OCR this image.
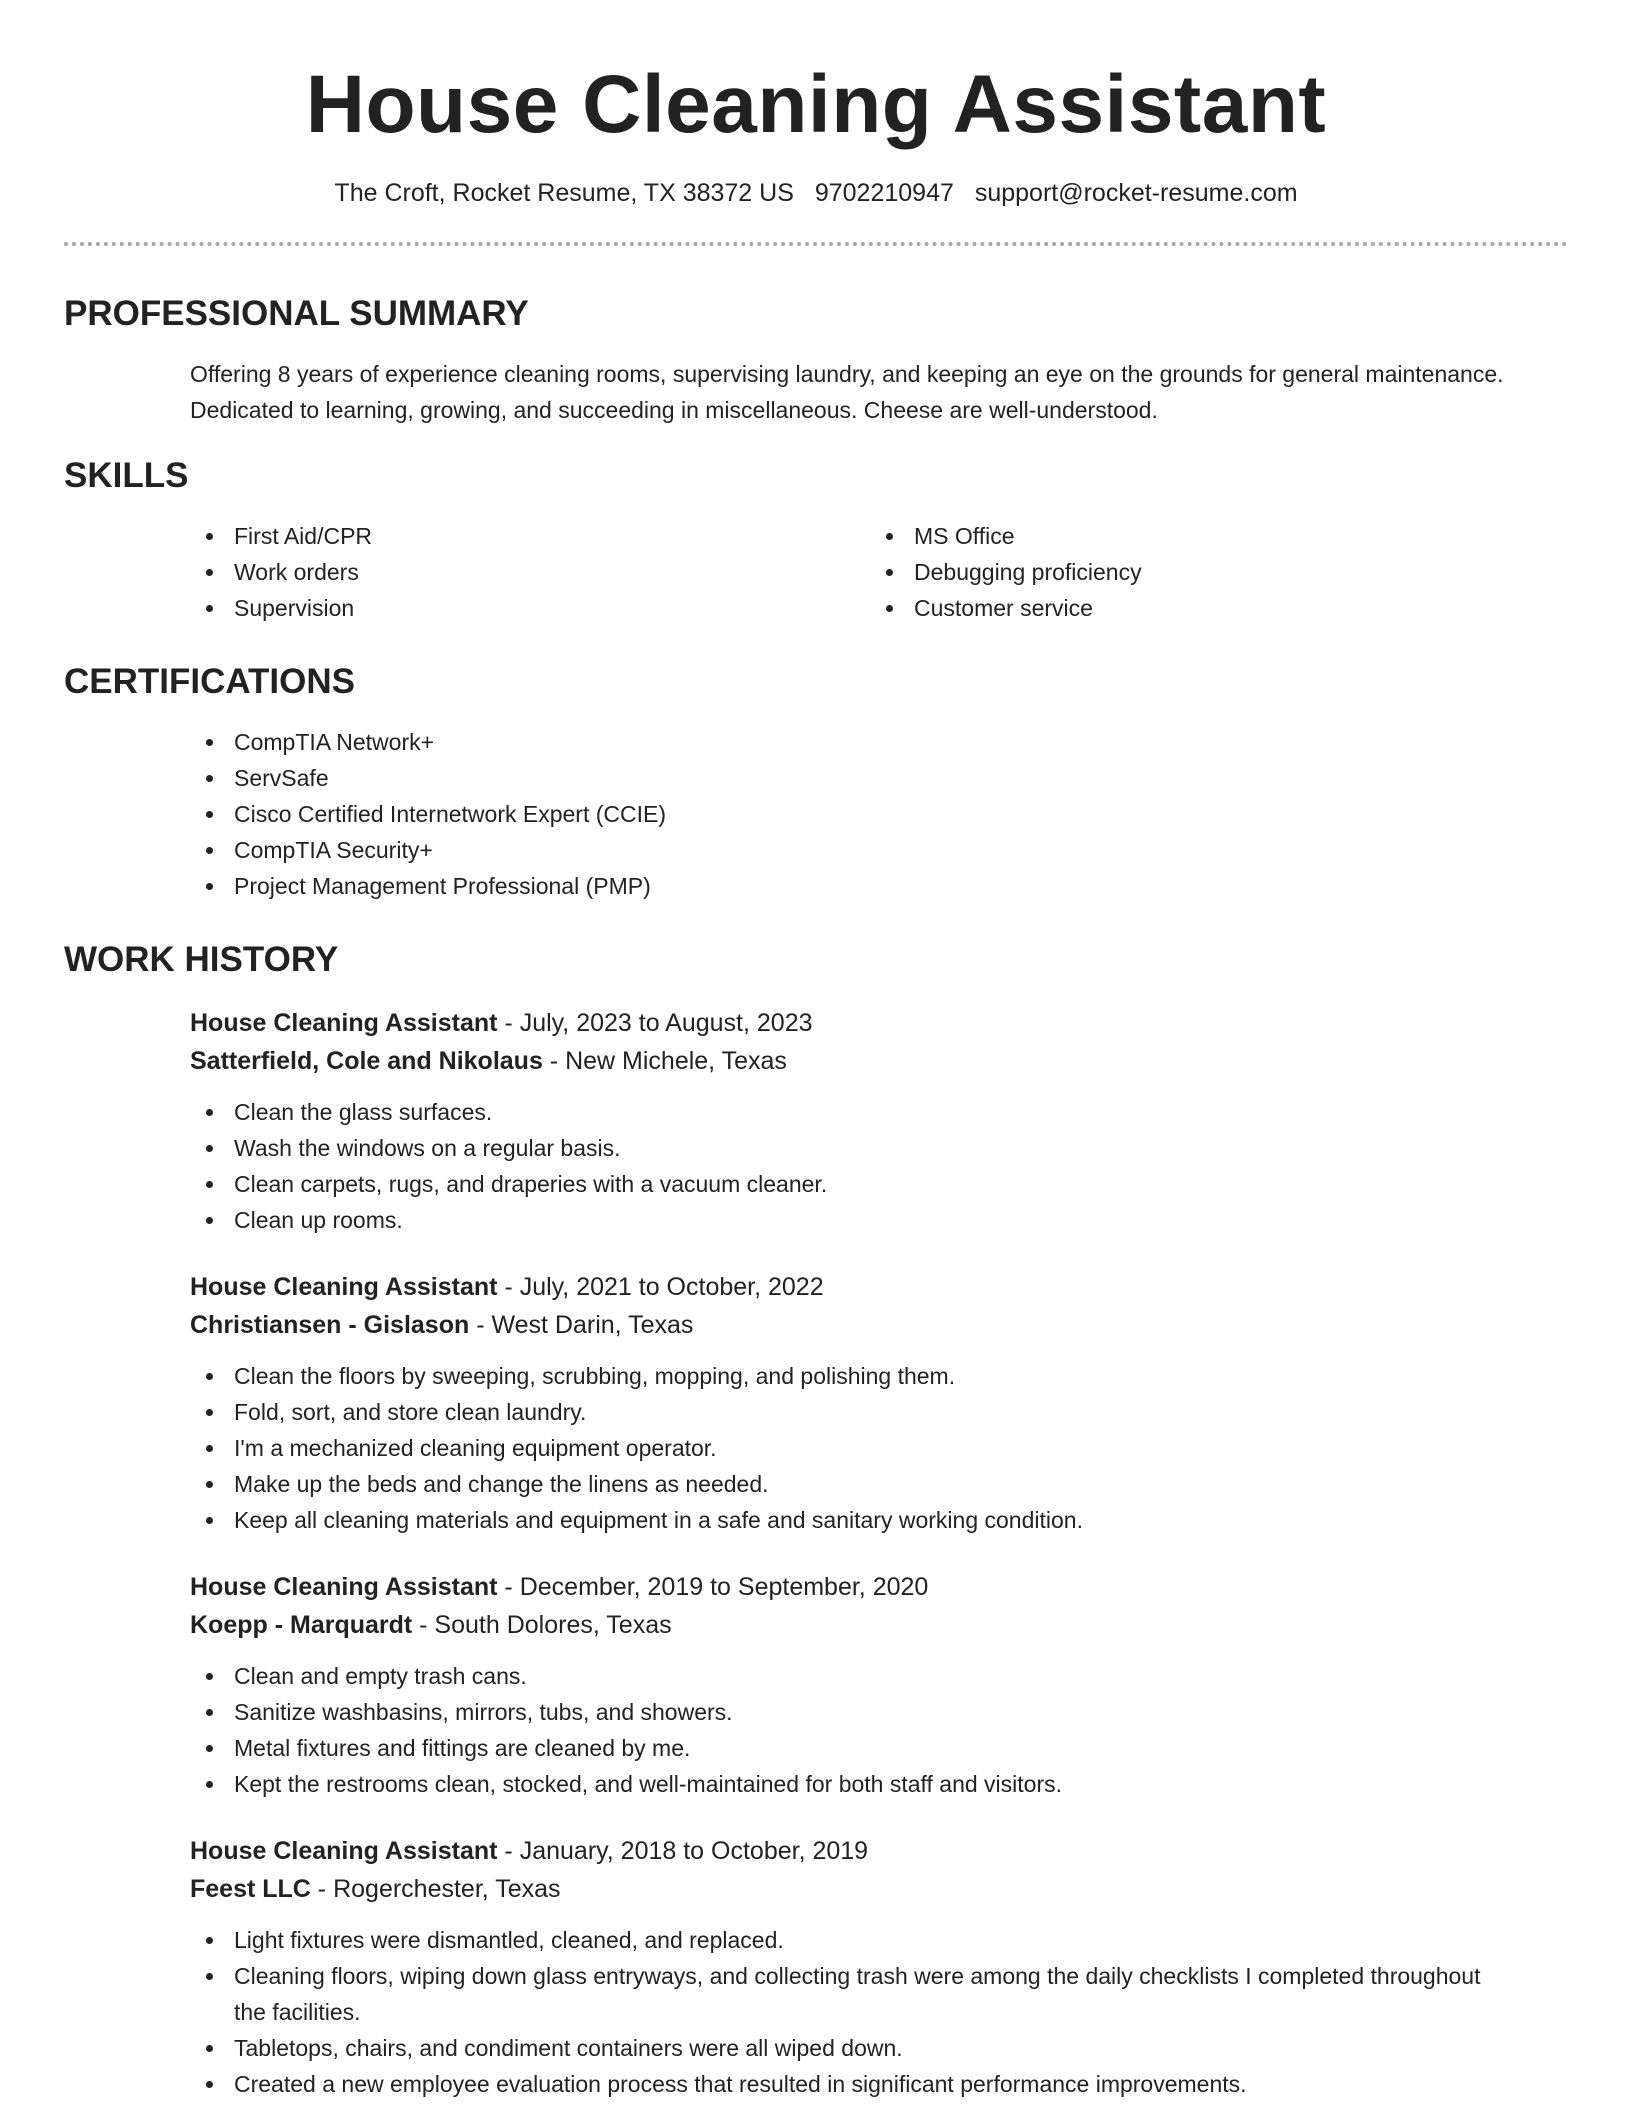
House Cleaning Assistant
The Croft, Rocket Resume, TX 38372 US 9702210947 support@rocket-resume.com
PROFESSIONAL SUMMARY
Offering 8 years of experience cleaning rooms, supervising laundry, and keeping an eye on the grounds for general maintenance. Dedicated to learning, growing, and succeeding in miscellaneous. Cheese are well-understood.
SKILLS
First Aid/CPR
Work orders
Supervision
MS Office
Debugging proficiency
Customer service
CERTIFICATIONS
CompTIA Network+
ServSafe
Cisco Certified Internetwork Expert (CCIE)
CompTIA Security+
Project Management Professional (PMP)
WORK HISTORY
House Cleaning Assistant - July, 2023 to August, 2023
Satterfield, Cole and Nikolaus - New Michele, Texas
Clean the glass surfaces.
Wash the windows on a regular basis.
Clean carpets, rugs, and draperies with a vacuum cleaner.
Clean up rooms.
House Cleaning Assistant - July, 2021 to October, 2022
Christiansen - Gislason - West Darin, Texas
Clean the floors by sweeping, scrubbing, mopping, and polishing them.
Fold, sort, and store clean laundry.
I'm a mechanized cleaning equipment operator.
Make up the beds and change the linens as needed.
Keep all cleaning materials and equipment in a safe and sanitary working condition.
House Cleaning Assistant - December, 2019 to September, 2020
Koepp - Marquardt - South Dolores, Texas
Clean and empty trash cans.
Sanitize washbasins, mirrors, tubs, and showers.
Metal fixtures and fittings are cleaned by me.
Kept the restrooms clean, stocked, and well-maintained for both staff and visitors.
House Cleaning Assistant - January, 2018 to October, 2019
Feest LLC - Rogerchester, Texas
Light fixtures were dismantled, cleaned, and replaced.
Cleaning floors, wiping down glass entryways, and collecting trash were among the daily checklists I completed throughout the facilities.
Tabletops, chairs, and condiment containers were all wiped down.
Created a new employee evaluation process that resulted in significant performance improvements.
